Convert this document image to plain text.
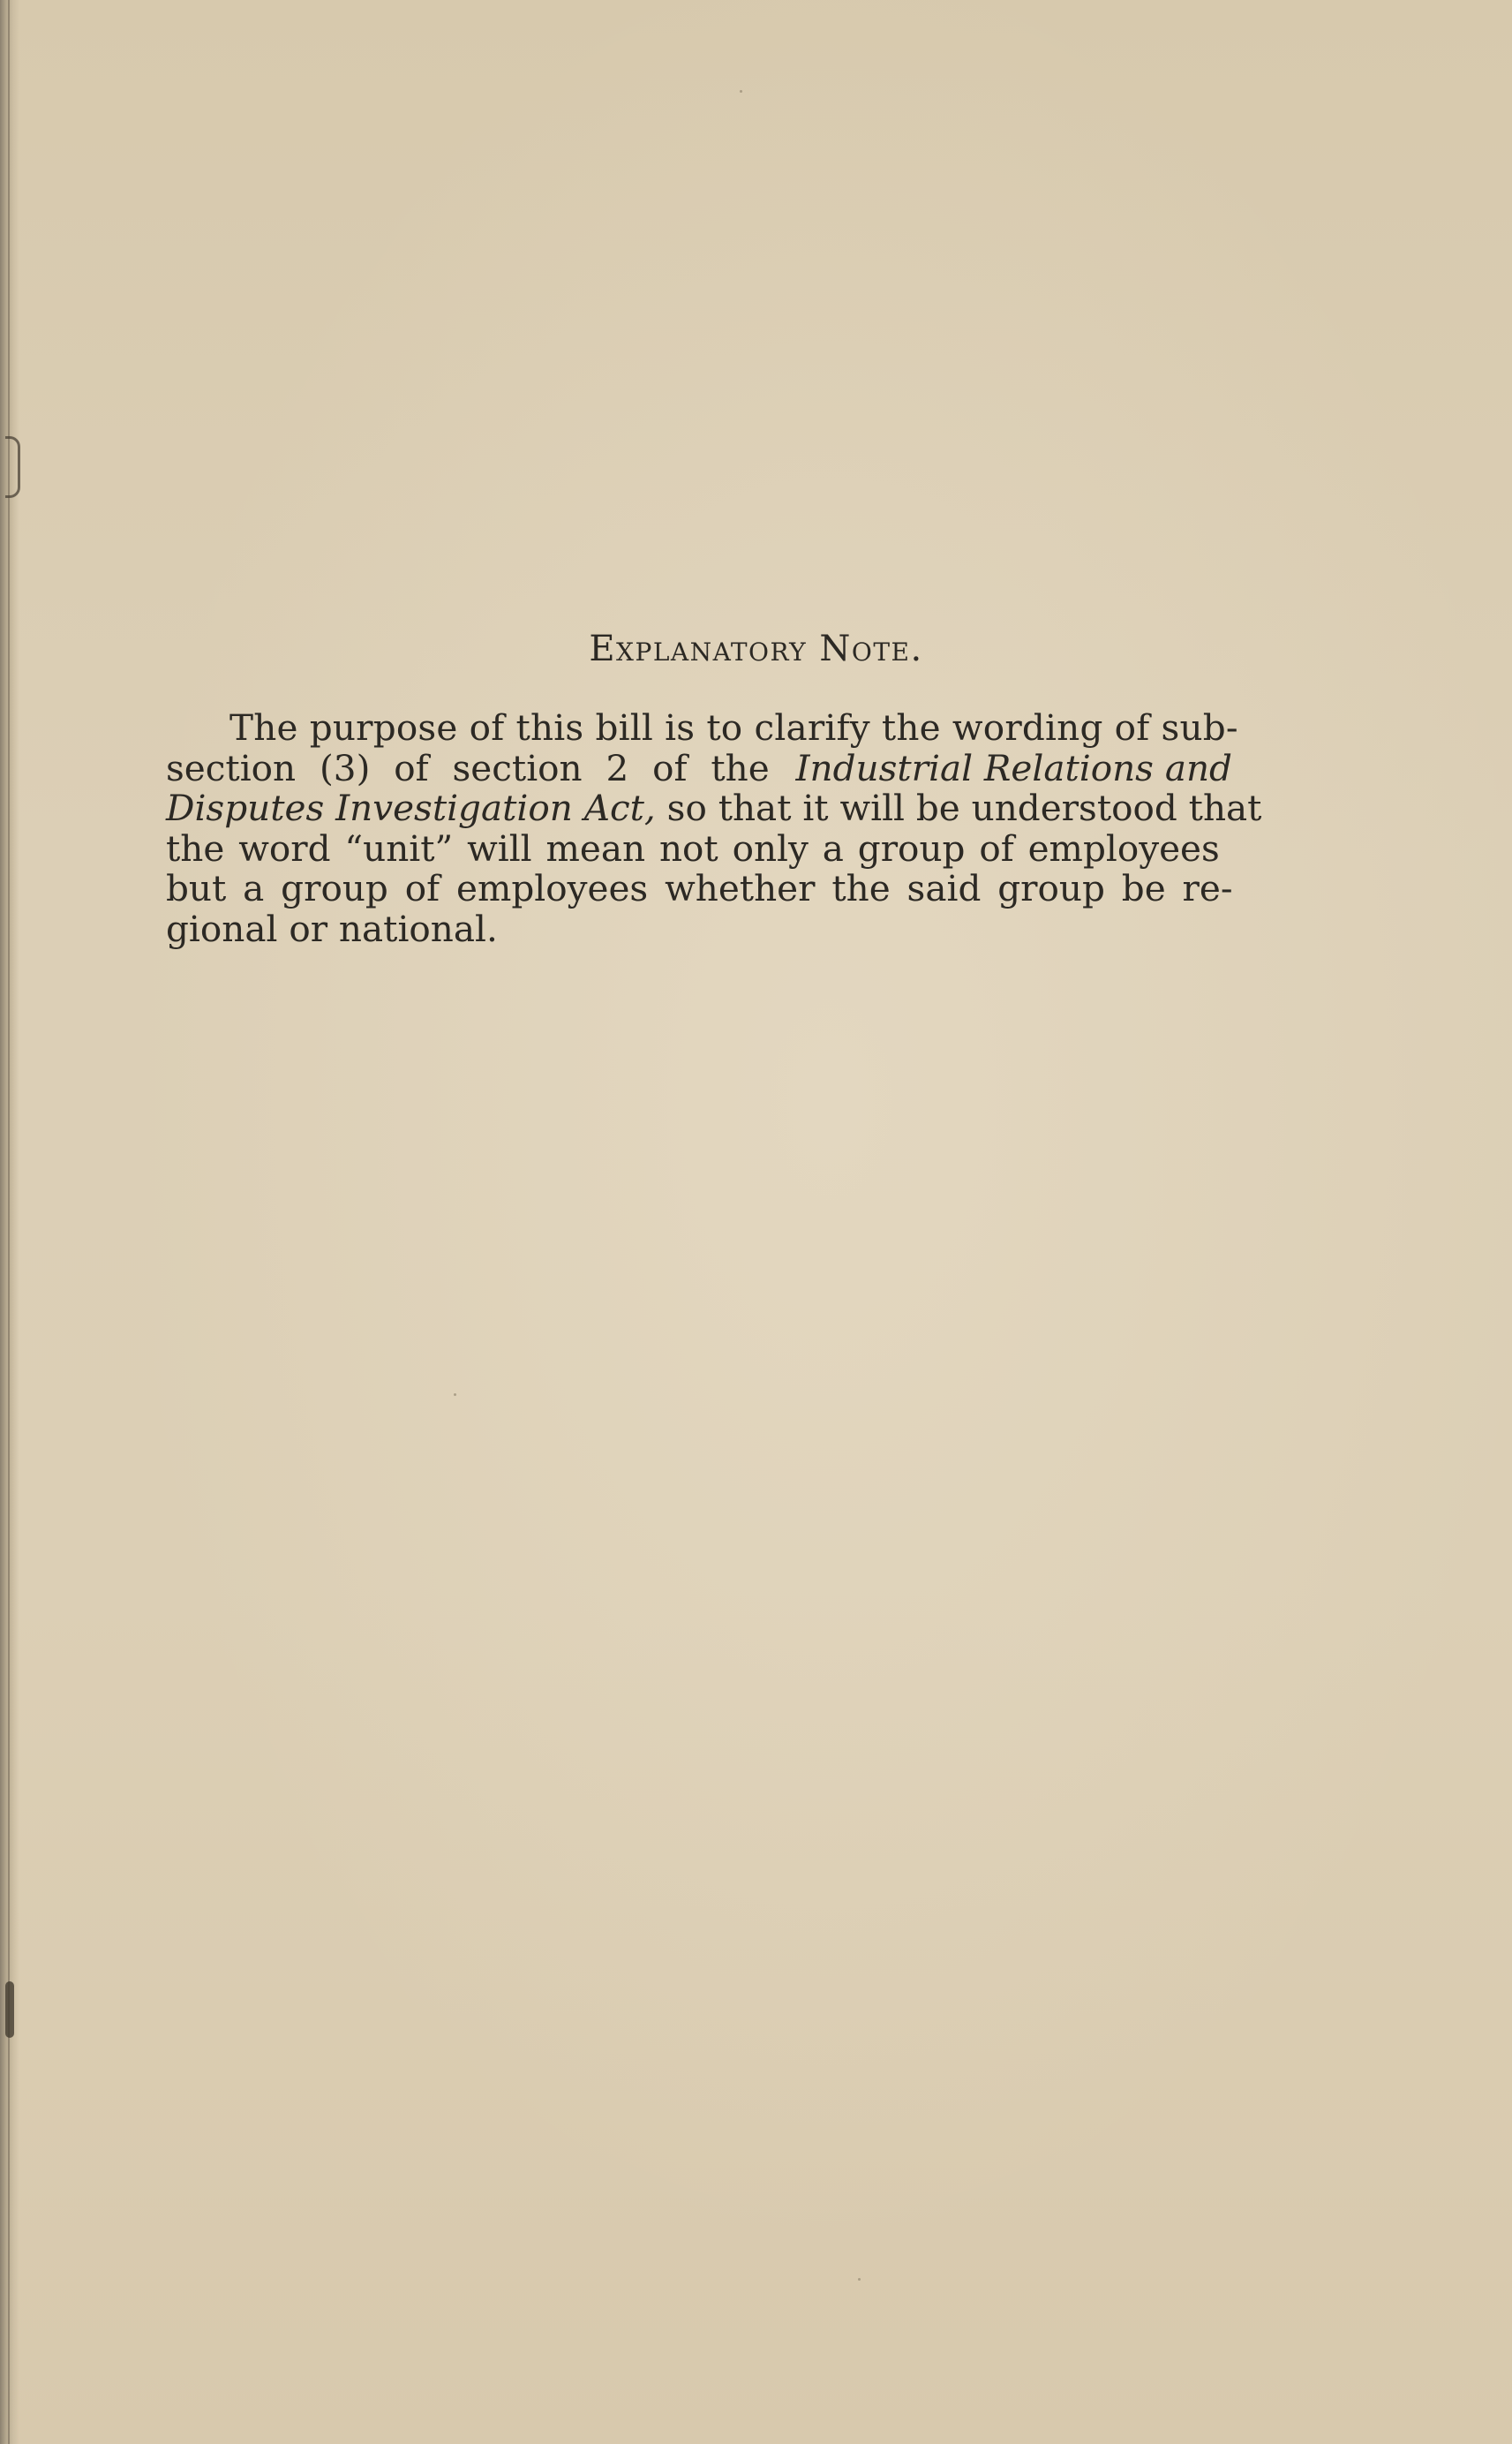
Explanatory Note.
The purpose of this bill is to clarify the wording of sub-
section (3) of section 2 of the Industrial Relations and
Disputes Investigation Act, so that it will be understood that
the word “unit” will mean not only a group of employees
but a group of employees whether the said group be re-
gional or national.
